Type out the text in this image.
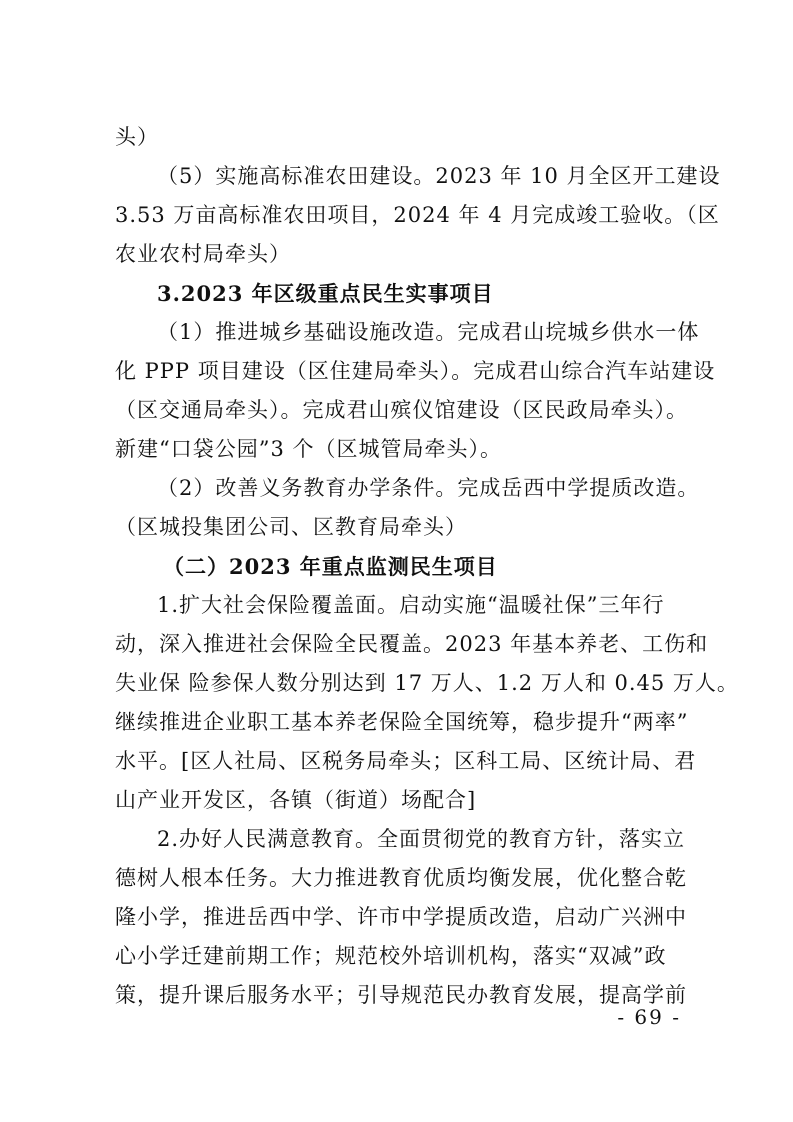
头）
（5）实施高标准农田建设。2023 年 10 月全区开工建设
3.53 万亩高标准农田项目，2024 年 4 月完成竣工验收。（区
农业农村局牵头）
3.2023 年区级重点民生实事项目
（1）推进城乡基础设施改造。完成君山垸城乡供水一体
化 PPP 项目建设（区住建局牵头）。完成君山综合汽车站建设
（区交通局牵头）。完成君山殡仪馆建设（区民政局牵头）。
新建“口袋公园”3 个（区城管局牵头）。
（2）改善义务教育办学条件。完成岳西中学提质改造。
（区城投集团公司、区教育局牵头）
（二）2023 年重点监测民生项目
1.扩大社会保险覆盖面。启动实施“温暖社保”三年行
动，深入推进社会保险全民覆盖。2023 年基本养老、工伤和
失业保 险参保人数分别达到 17 万人、1.2 万人和 0.45 万人。
继续推进企业职工基本养老保险全国统筹，稳步提升“两率”
水平。[区人社局、区税务局牵头；区科工局、区统计局、君
山产业开发区，各镇（街道）场配合]
2.办好人民满意教育。全面贯彻党的教育方针，落实立
德树人根本任务。大力推进教育优质均衡发展，优化整合乾
隆小学，推进岳西中学、许市中学提质改造，启动广兴洲中
心小学迁建前期工作；规范校外培训机构，落实“双减”政
策，提升课后服务水平；引导规范民办教育发展，提高学前
- 69 -
